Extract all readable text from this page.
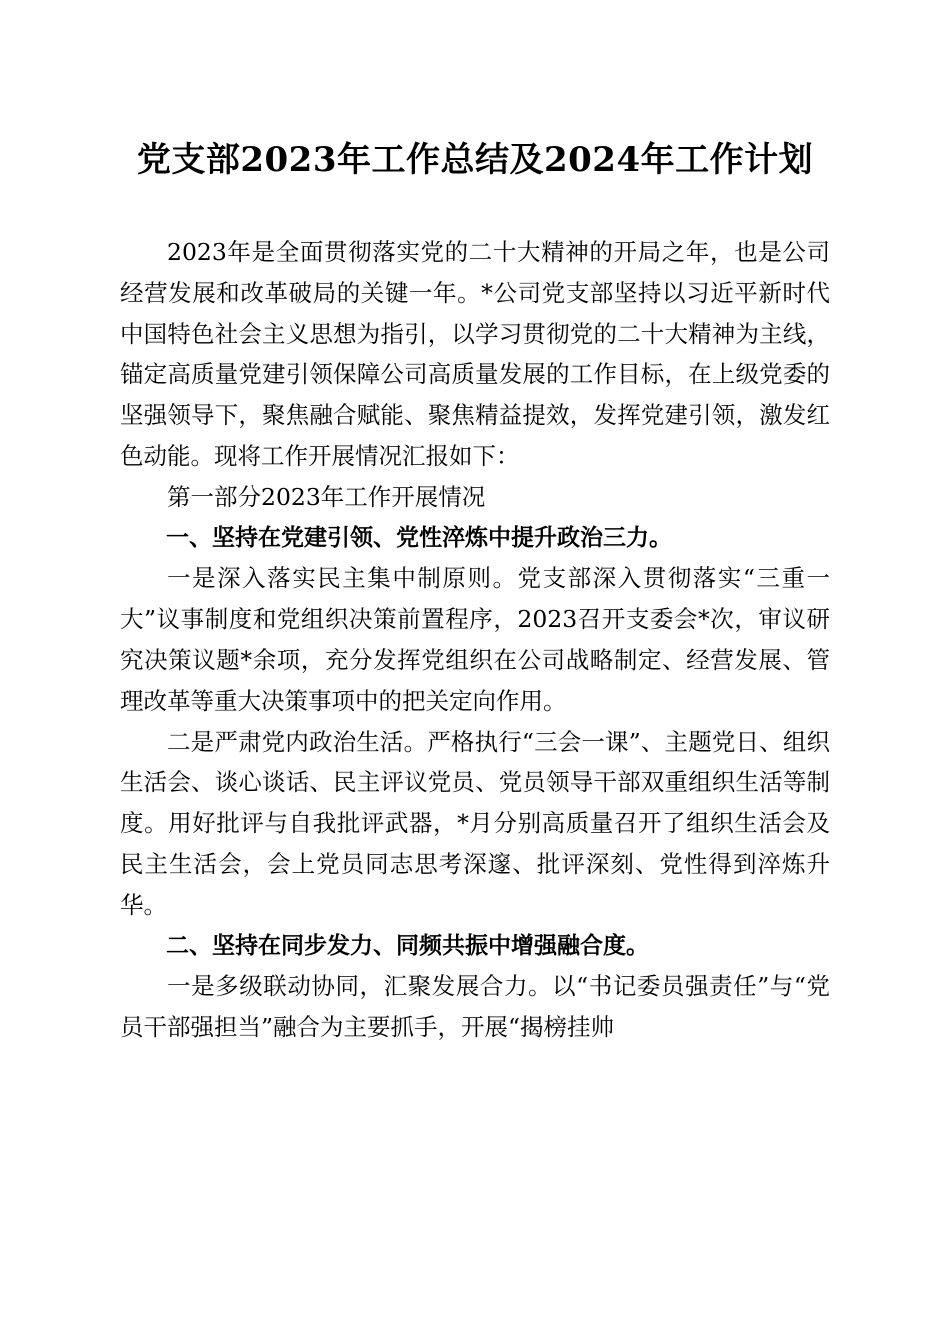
党支部2023年工作总结及2024年工作计划

2023年是全面贯彻落实党的二十大精神的开局之年，也是公司经营发展和改革破局的关键一年。*公司党支部坚持以习近平新时代中国特色社会主义思想为指引，以学习贯彻党的二十大精神为主线，锚定高质量党建引领保障公司高质量发展的工作目标，在上级党委的坚强领导下，聚焦融合赋能、聚焦精益提效，发挥党建引领，激发红色动能。现将工作开展情况汇报如下：

第一部分2023年工作开展情况

一、坚持在党建引领、党性淬炼中提升政治三力。

一是深入落实民主集中制原则。党支部深入贯彻落实“三重一大”议事制度和党组织决策前置程序，2023召开支委会*次，审议研究决策议题*余项，充分发挥党组织在公司战略制定、经营发展、管理改革等重大决策事项中的把关定向作用。

二是严肃党内政治生活。严格执行“三会一课”、主题党日、组织生活会、谈心谈话、民主评议党员、党员领导干部双重组织生活等制度。用好批评与自我批评武器，*月分别高质量召开了组织生活会及民主生活会，会上党员同志思考深邃、批评深刻、党性得到淬炼升华。

二、坚持在同步发力、同频共振中增强融合度。

一是多级联动协同，汇聚发展合力。以“书记委员强责任”与“党员干部强担当”融合为主要抓手，开展“揭榜挂帅
